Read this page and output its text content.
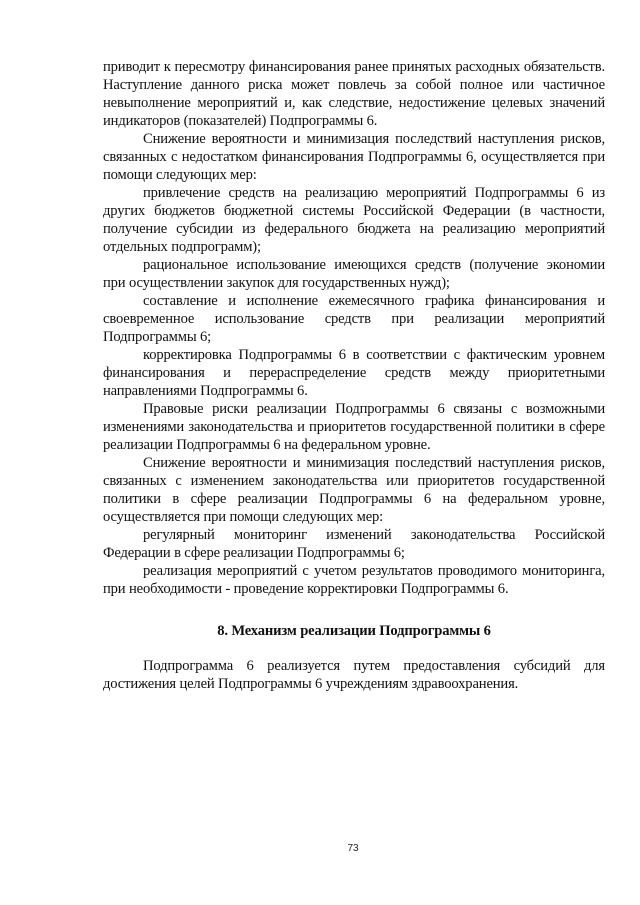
приводит к пересмотру финансирования ранее принятых расходных обязательств. Наступление данного риска может повлечь за собой полное или частичное невыполнение мероприятий и, как следствие, недостижение целевых значений индикаторов (показателей) Подпрограммы 6.

Снижение вероятности и минимизация последствий наступления рисков, связанных с недостатком финансирования Подпрограммы 6, осуществляется при помощи следующих мер:

привлечение средств на реализацию мероприятий Подпрограммы 6 из других бюджетов бюджетной системы Российской Федерации (в частности, получение субсидии из федерального бюджета на реализацию мероприятий отдельных подпрограмм);

рациональное использование имеющихся средств (получение экономии при осуществлении закупок для государственных нужд);

составление и исполнение ежемесячного графика финансирования и своевременное использование средств при реализации мероприятий Подпрограммы 6;

корректировка Подпрограммы 6 в соответствии с фактическим уровнем финансирования и перераспределение средств между приоритетными направлениями Подпрограммы 6.

Правовые риски реализации Подпрограммы 6 связаны с возможными изменениями законодательства и приоритетов государственной политики в сфере реализации Подпрограммы 6 на федеральном уровне.

Снижение вероятности и минимизация последствий наступления рисков, связанных с изменением законодательства или приоритетов государственной политики в сфере реализации Подпрограммы 6 на федеральном уровне, осуществляется при помощи следующих мер:

регулярный мониторинг изменений законодательства Российской Федерации в сфере реализации Подпрограммы 6;

реализация мероприятий с учетом результатов проводимого мониторинга, при необходимости - проведение корректировки Подпрограммы 6.

8. Механизм реализации Подпрограммы 6

Подпрограмма 6 реализуется путем предоставления субсидий для достижения целей Подпрограммы 6 учреждениям здравоохранения.

73
